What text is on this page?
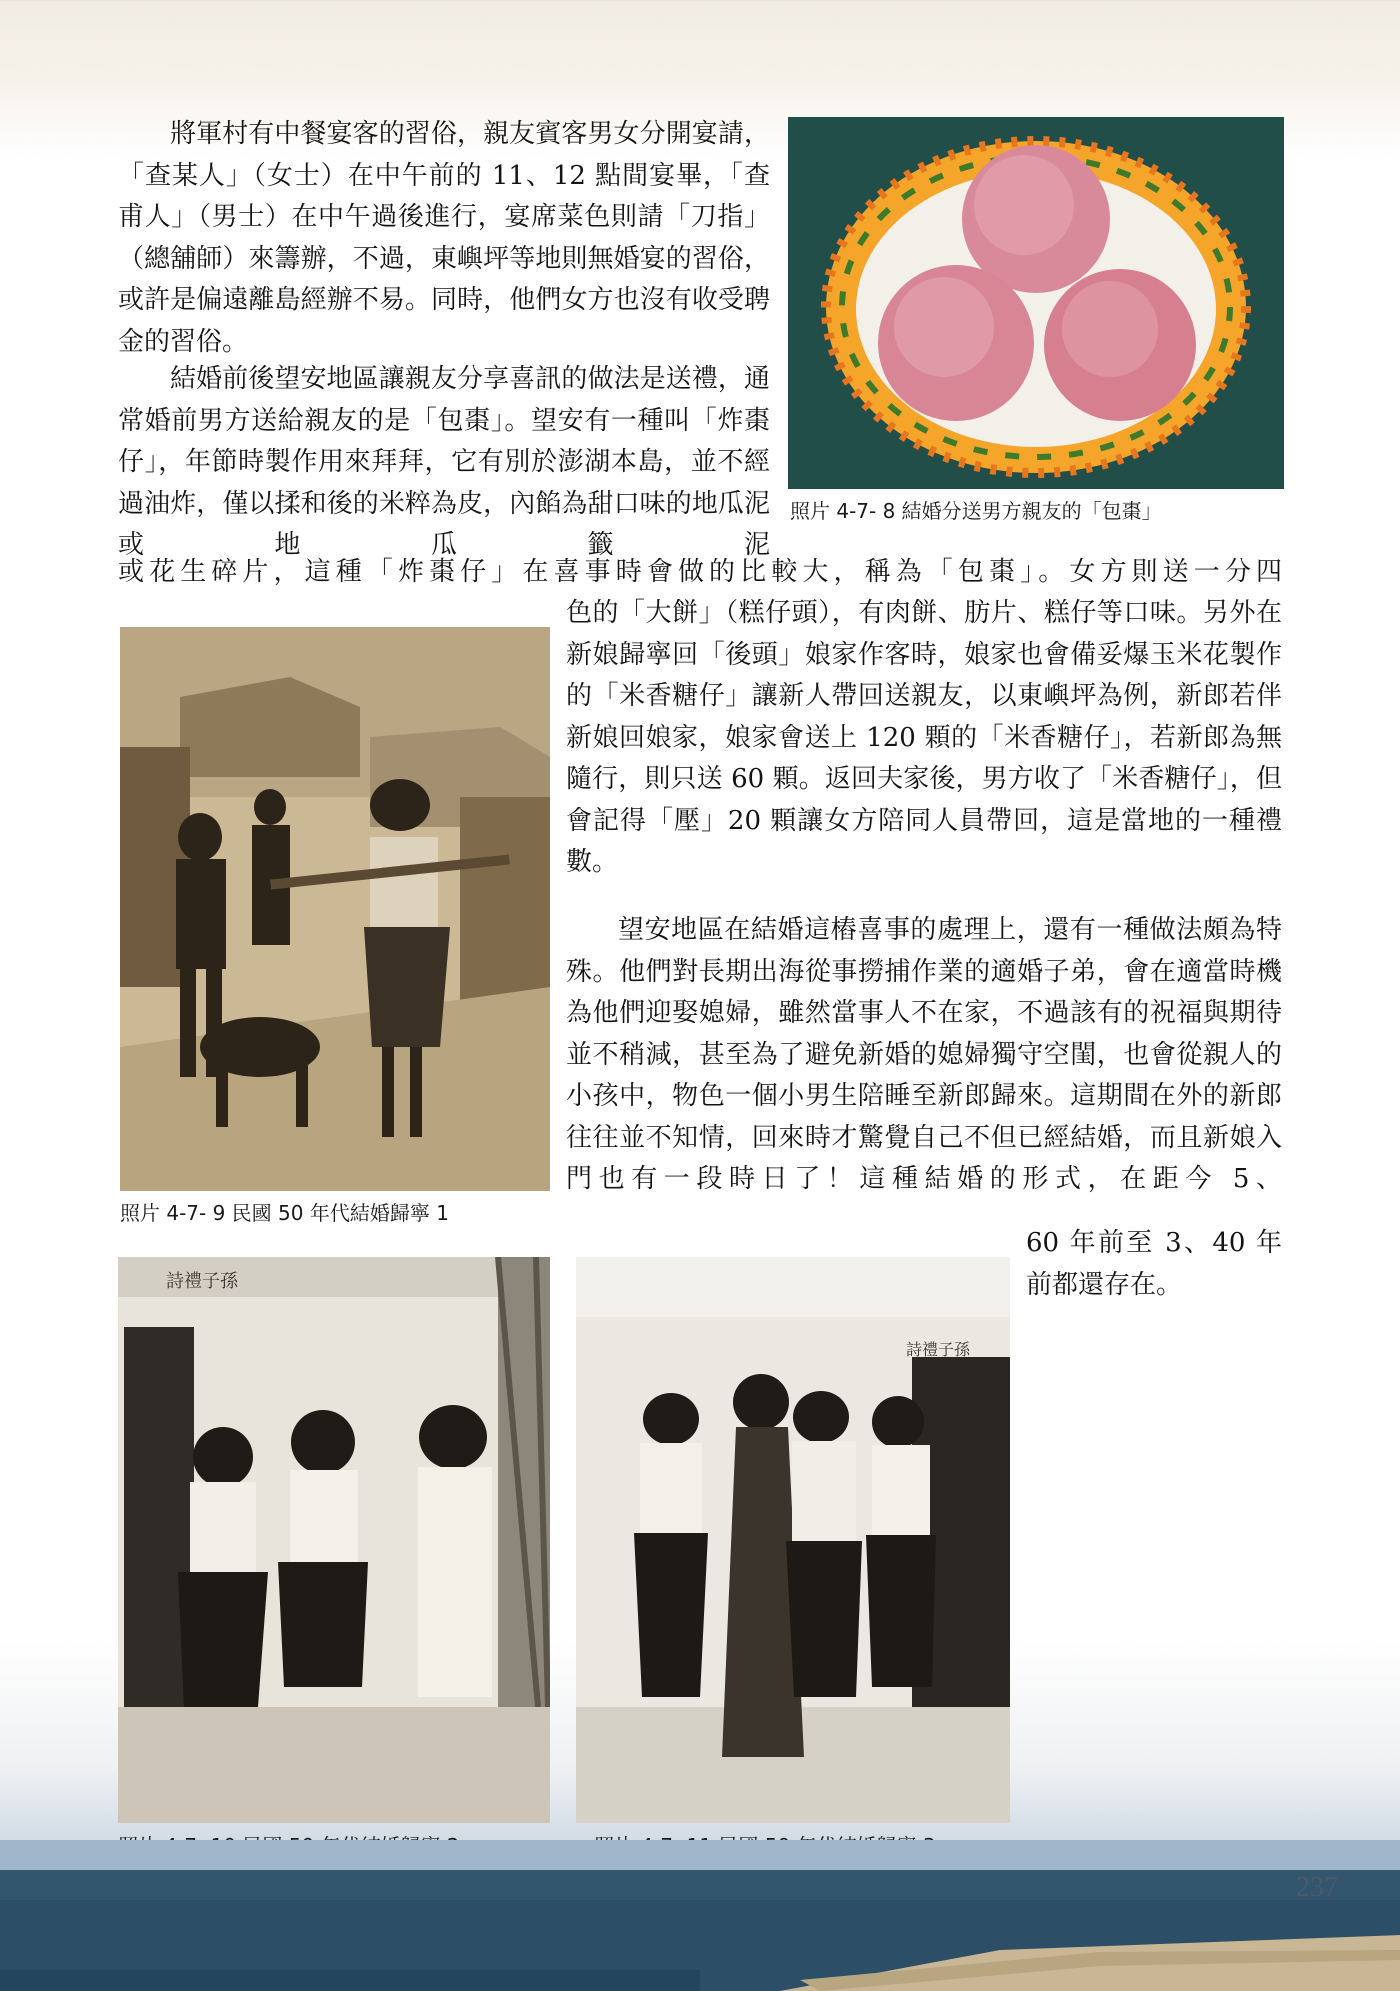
將軍村有中餐宴客的習俗，親友賓客男女分開宴請，「查某人」（女士）在中午前的 11、12 點間宴畢，「查甫人」（男士）在中午過後進行，宴席菜色則請「刀指」（總舖師）來籌辦，不過，東嶼坪等地則無婚宴的習俗，或許是偏遠離島經辦不易。同時，他們女方也沒有收受聘金的習俗。
結婚前後望安地區讓親友分享喜訊的做法是送禮，通常婚前男方送給親友的是「包棗」。望安有一種叫「炸棗仔」，年節時製作用來拜拜，它有別於澎湖本島，並不經過油炸，僅以揉和後的米粹為皮，內餡為甜口味的地瓜泥或地瓜籤泥
或花生碎片，這種「炸棗仔」在喜事時會做的比較大，稱為「包棗」。女方則送一分四
色的「大餅」（糕仔頭），有肉餅、肪片、糕仔等口味。另外在新娘歸寧回「後頭」娘家作客時，娘家也會備妥爆玉米花製作的「米香糖仔」讓新人帶回送親友，以東嶼坪為例，新郎若伴新娘回娘家，娘家會送上 120 顆的「米香糖仔」，若新郎為無隨行，則只送 60 顆。返回夫家後，男方收了「米香糖仔」，但會記得「壓」20 顆讓女方陪同人員帶回，這是當地的一種禮數。
望安地區在結婚這樁喜事的處理上，還有一種做法頗為特殊。他們對長期出海從事撈捕作業的適婚子弟，會在適當時機為他們迎娶媳婦，雖然當事人不在家，不過該有的祝福與期待並不稍減，甚至為了避免新婚的媳婦獨守空閨，也會從親人的小孩中，物色一個小男生陪睡至新郎歸來。這期間在外的新郎往往並不知情，回來時才驚覺自己不但已經結婚，而且新娘入門也有一段時日了！這種結婚的形式，在距今 5、
60 年前至 3、40 年前都還存在。
照片 4-7- 8 結婚分送男方親友的「包棗」
照片 4-7- 9 民國 50 年代結婚歸寧 1
詩禮子孫
詩禮子孫
237
